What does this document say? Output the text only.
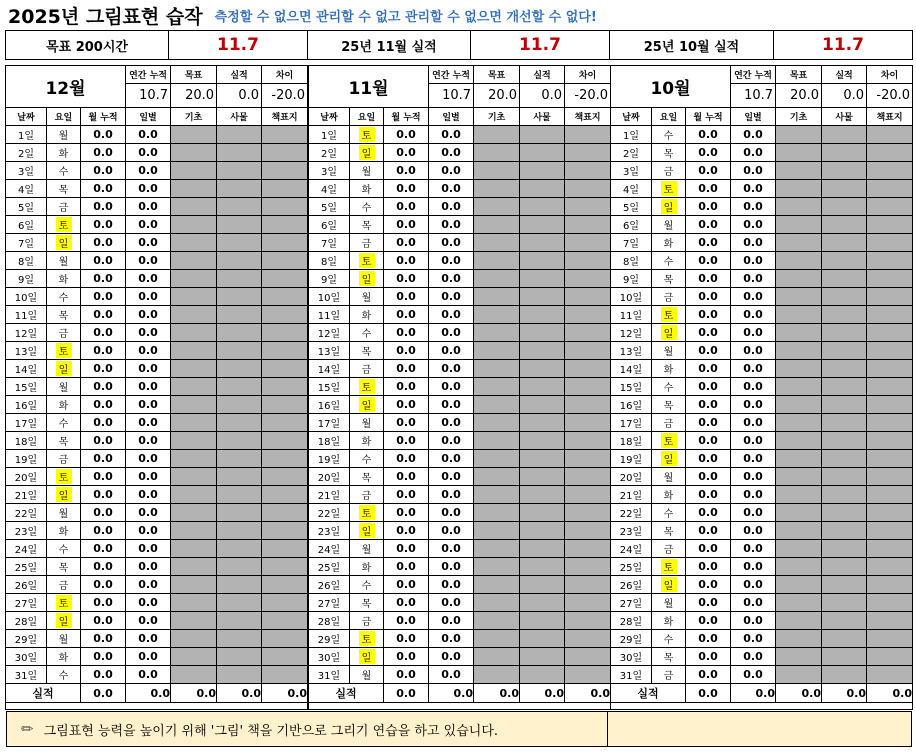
2025년 그림표현 습작 측정할 수 없으면 관리할 수 없고 관리할 수 없으면 개선할 수 없다!
목표 200시간	11.7	25년 11월 실적	11.7	25년 10월 실적	11.7
12월			연간 누적	목표	실적	차이
			10.7	20.0	0.0	-20.0
날짜	요일	월 누적	일별	기초	사물	책표지
1일	월	0.0	0.0			
2일	화	0.0	0.0			
3일	수	0.0	0.0			
4일	목	0.0	0.0			
5일	금	0.0	0.0			
6일	토	0.0	0.0			
7일	일	0.0	0.0			
8일	월	0.0	0.0			
9일	화	0.0	0.0			
10일	수	0.0	0.0			
11일	목	0.0	0.0			
12일	금	0.0	0.0			
13일	토	0.0	0.0			
14일	일	0.0	0.0			
15일	월	0.0	0.0			
16일	화	0.0	0.0			
17일	수	0.0	0.0			
18일	목	0.0	0.0			
19일	금	0.0	0.0			
20일	토	0.0	0.0			
21일	일	0.0	0.0			
22일	월	0.0	0.0			
23일	화	0.0	0.0			
24일	수	0.0	0.0			
25일	목	0.0	0.0			
26일	금	0.0	0.0			
27일	토	0.0	0.0			
28일	일	0.0	0.0			
29일	월	0.0	0.0			
30일	화	0.0	0.0			
31일	수	0.0	0.0			
실적		0.0	0.0	0.0	0.0	0.0

11월			연간 누적	목표	실적	차이
			10.7	20.0	0.0	-20.0
날짜	요일	월 누적	일별	기초	사물	책표지
1일	토	0.0	0.0			
2일	일	0.0	0.0			
3일	월	0.0	0.0			
4일	화	0.0	0.0			
5일	수	0.0	0.0			
6일	목	0.0	0.0			
7일	금	0.0	0.0			
8일	토	0.0	0.0			
9일	일	0.0	0.0			
10일	월	0.0	0.0			
11일	화	0.0	0.0			
12일	수	0.0	0.0			
13일	목	0.0	0.0			
14일	금	0.0	0.0			
15일	토	0.0	0.0			
16일	일	0.0	0.0			
17일	월	0.0	0.0			
18일	화	0.0	0.0			
19일	수	0.0	0.0			
20일	목	0.0	0.0			
21일	금	0.0	0.0			
22일	토	0.0	0.0			
23일	일	0.0	0.0			
24일	월	0.0	0.0			
25일	화	0.0	0.0			
26일	수	0.0	0.0			
27일	목	0.0	0.0			
28일	금	0.0	0.0			
29일	토	0.0	0.0			
30일	일	0.0	0.0			
31일	월	0.0	0.0			
실적		0.0	0.0	0.0	0.0	0.0

10월			연간 누적	목표	실적	차이
			10.7	20.0	0.0	-20.0
날짜	요일	월 누적	일별	기초	사물	책표지
1일	수	0.0	0.0			
2일	목	0.0	0.0			
3일	금	0.0	0.0			
4일	토	0.0	0.0			
5일	일	0.0	0.0			
6일	월	0.0	0.0			
7일	화	0.0	0.0			
8일	수	0.0	0.0			
9일	목	0.0	0.0			
10일	금	0.0	0.0			
11일	토	0.0	0.0			
12일	일	0.0	0.0			
13일	월	0.0	0.0			
14일	화	0.0	0.0			
15일	수	0.0	0.0			
16일	목	0.0	0.0			
17일	금	0.0	0.0			
18일	토	0.0	0.0			
19일	일	0.0	0.0			
20일	월	0.0	0.0			
21일	화	0.0	0.0			
22일	수	0.0	0.0			
23일	목	0.0	0.0			
24일	금	0.0	0.0			
25일	토	0.0	0.0			
26일	일	0.0	0.0			
27일	월	0.0	0.0			
28일	화	0.0	0.0			
29일	수	0.0	0.0			
30일	목	0.0	0.0			
31일	금	0.0	0.0			
실적		0.0	0.0	0.0	0.0	0.0

✏ 그림표현 능력을 높이기 위해 '그림' 책을 기반으로 그리기 연습을 하고 있습니다.
